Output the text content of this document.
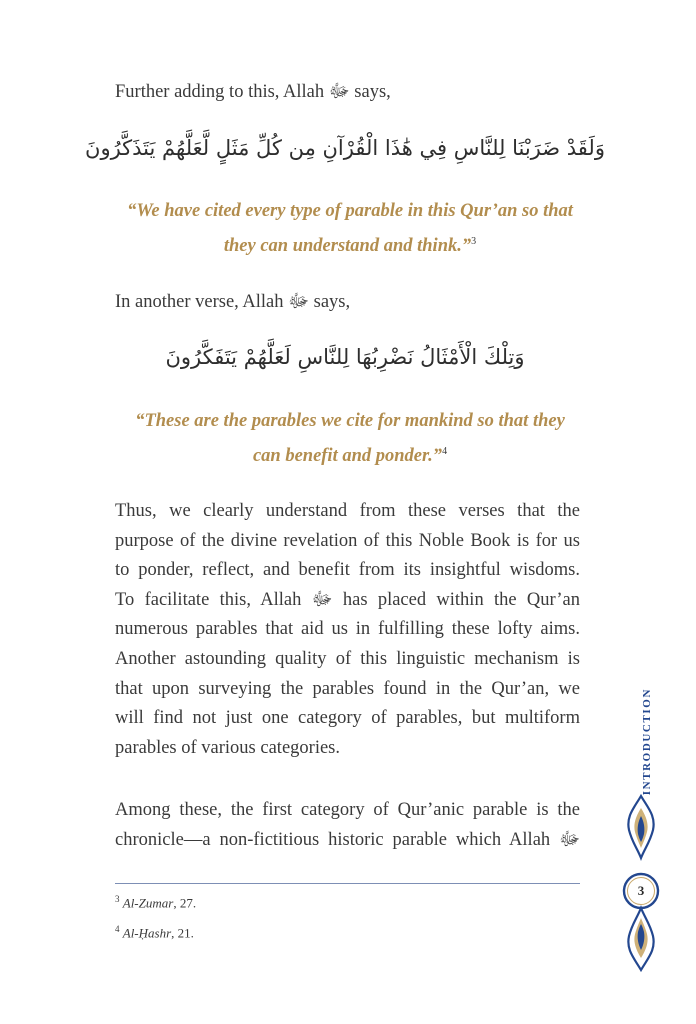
Further adding to this, Allah ﷻ says,
وَلَقَدْ ضَرَبْنَا لِلنَّاسِ فِي هَٰذَا الْقُرْآنِ مِن كُلِّ مَثَلٍ لَّعَلَّهُمْ يَتَذَكَّرُونَ
“We have cited every type of parable in this Qur’an so that
they can understand and think.”$^3$
In another verse, Allah ﷻ says,
وَتِلْكَ الْأَمْثَالُ نَضْرِبُهَا لِلنَّاسِ لَعَلَّهُمْ يَتَفَكَّرُونَ
“These are the parables we cite for mankind so that they
can benefit and ponder.”$^4$
Thus, we clearly understand from these verses that the
purpose of the divine revelation of this Noble Book is for us
to ponder, reflect, and benefit from its insightful wisdoms.
To facilitate this, Allah ﷻ has placed within the Qur’an
numerous parables that aid us in fulfilling these lofty aims.
Another astounding quality of this linguistic mechanism is
that upon surveying the parables found in the Qur’an, we
will find not just one category of parables, but multiform
parables of various categories.
Among these, the first category of Qur’anic parable is the
chronicle—a non-fictitious historic parable which Allah ﷻ
$^3$ Al-Zumar, 27.
$^4$ Al-Ḥashr, 21.
INTRODUCTION
3
